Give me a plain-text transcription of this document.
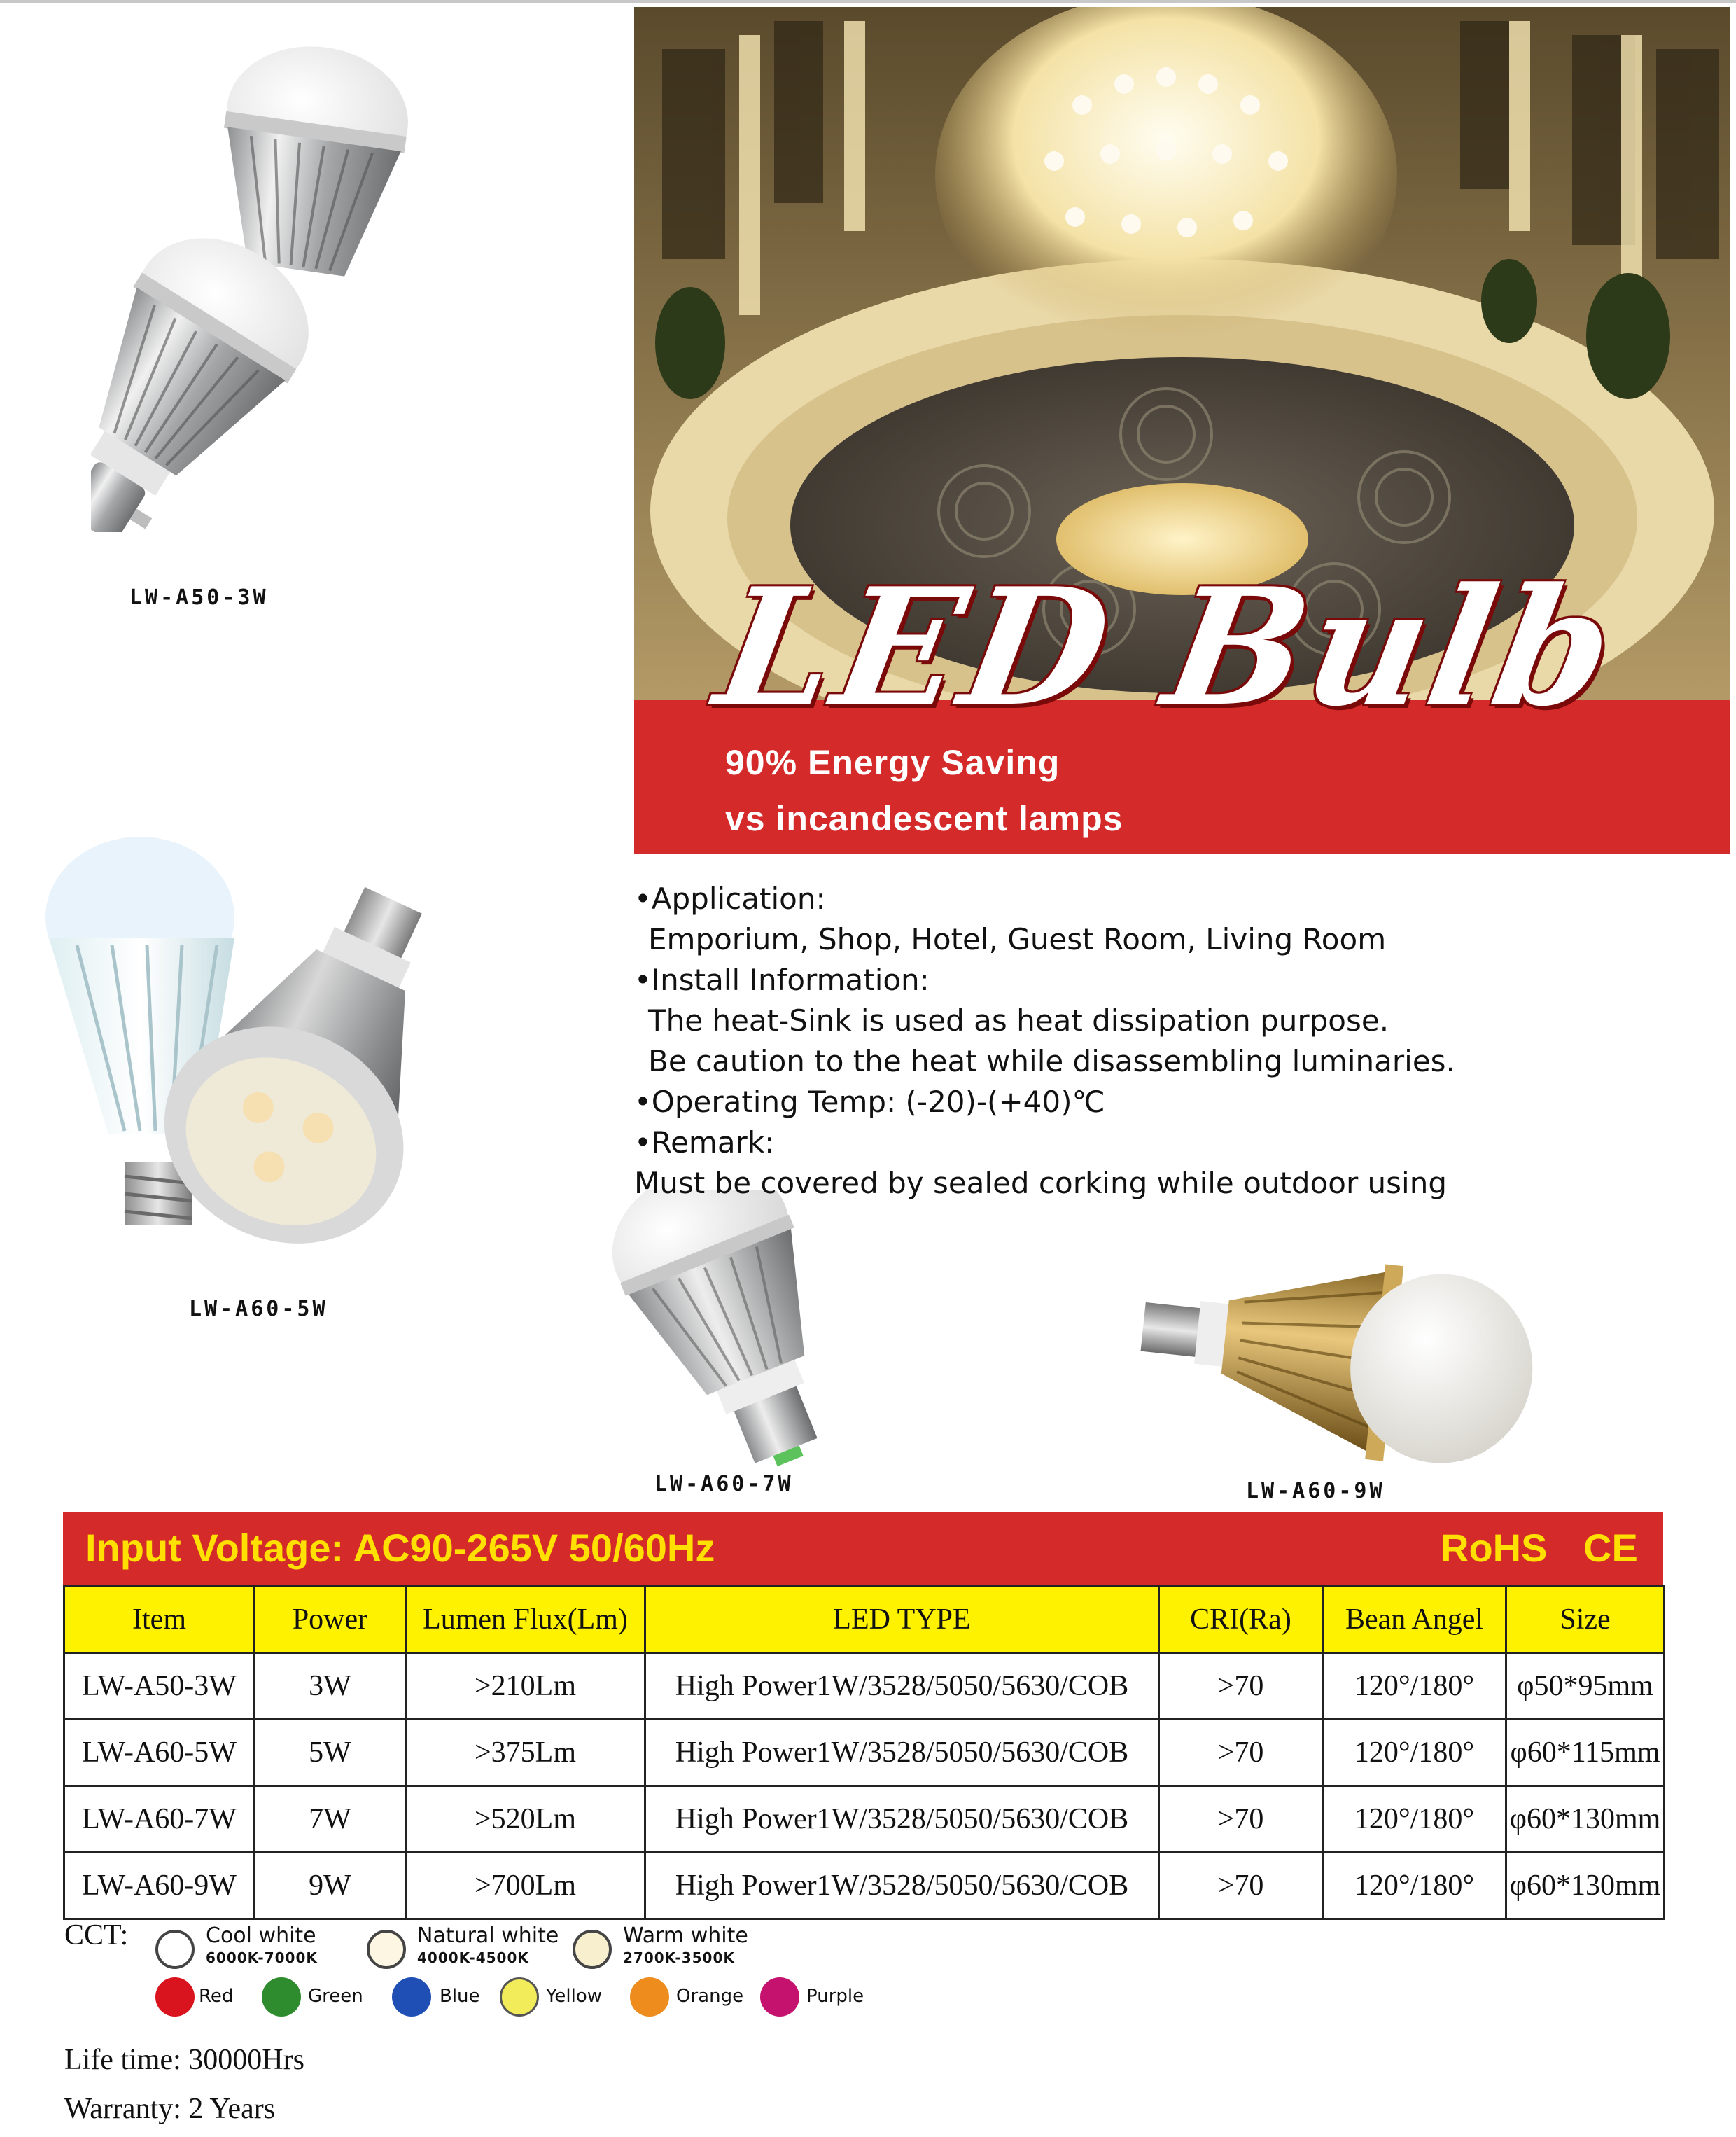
LW-A50-3W
LW-A60-5W
LW-A60-7W	LW-A60-9W
LED Bulb
90% Energy Saving
vs incandescent lamps
•Application:
Emporium, Shop, Hotel, Guest Room, Living Room
•Install Information:
The heat-Sink is used as heat dissipation purpose.
Be caution to the heat while disassembling luminaries.
•Operating Temp: (-20)-(+40)℃
•Remark:
Must be covered by sealed corking while outdoor using
Input Voltage: AC90-265V 50/60Hz	RoHS CE
Item	Power	Lumen Flux(Lm)	LED TYPE	CRI(Ra)	Bean Angel	Size
LW-A50-3W	3W	>210Lm	High Power1W/3528/5050/5630/COB	>70	120°/180°	φ50*95mm
LW-A60-5W	5W	>375Lm	High Power1W/3528/5050/5630/COB	>70	120°/180°	φ60*115mm
LW-A60-7W	7W	>520Lm	High Power1W/3528/5050/5630/COB	>70	120°/180°	φ60*130mm
LW-A60-9W	9W	>700Lm	High Power1W/3528/5050/5630/COB	>70	120°/180°	φ60*130mm
CCT:	Cool white
6000K-7000K
Natural white
4000K-4500K
Warm white
2700K-3500K
Red	Green	Blue	Yellow	Orange	Purple
Life time: 30000Hrs
Warranty: 2 Years
